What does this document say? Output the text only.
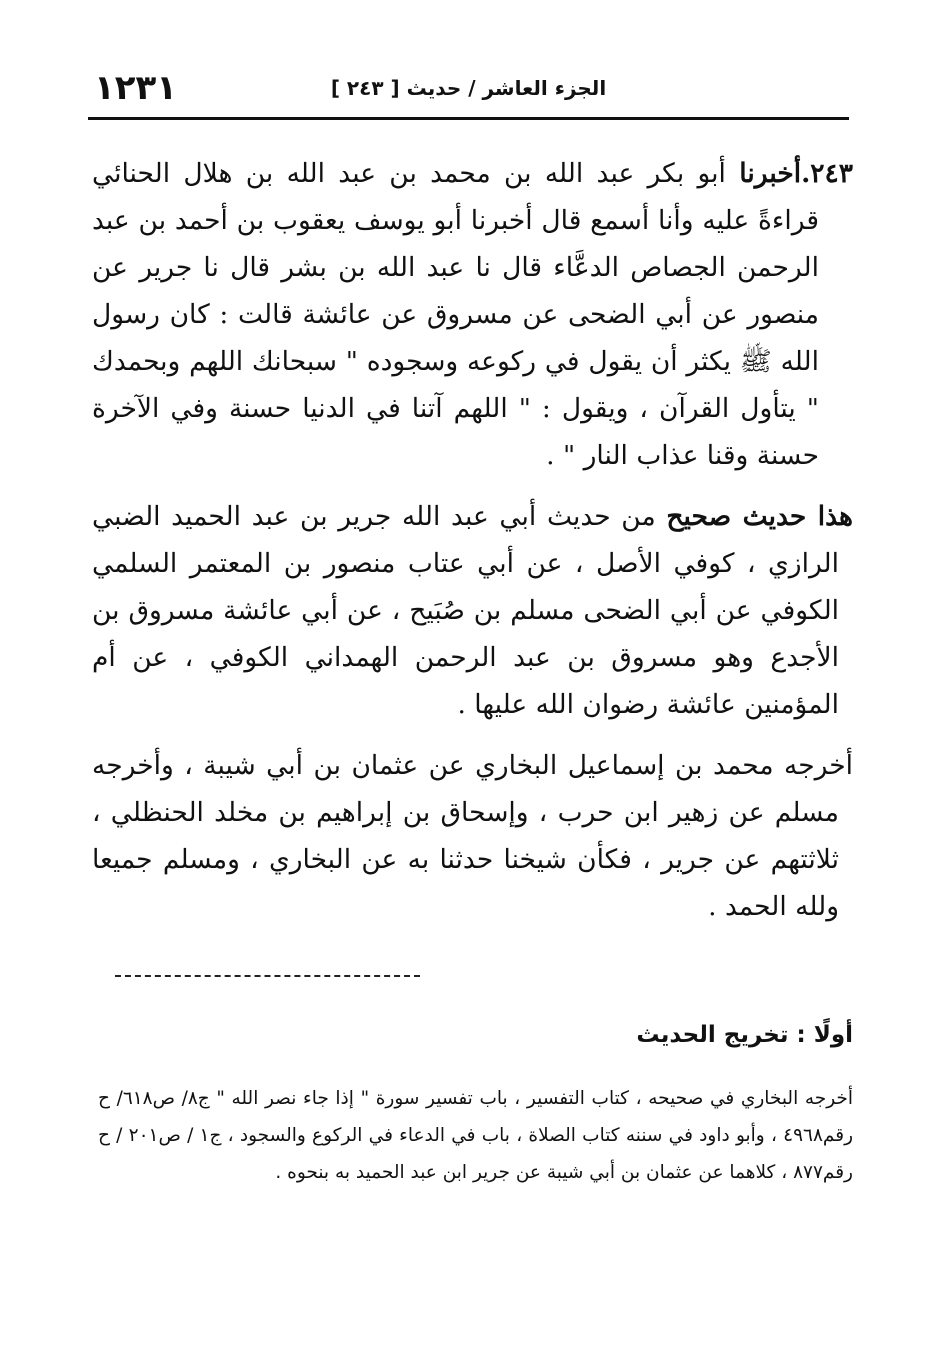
الجزء العاشر / حديث [ ٢٤٣ ]
١٢٣١

٢٤٣.أخبرنا أبو بكر عبد الله بن محمد بن عبد الله بن هلال الحنائي قراءةً عليه وأنا أسمع قال أخبرنا أبو يوسف يعقوب بن أحمد بن عبد الرحمن الجصاص الدعَّاء قال نا عبد الله بن بشر قال نا جرير عن منصور عن أبي الضحى عن مسروق عن عائشة قالت : كان رسول الله ﷺ يكثر أن يقول في ركوعه وسجوده " سبحانك اللهم وبحمدك " يتأول القرآن ، ويقول : " اللهم آتنا في الدنيا حسنة وفي الآخرة حسنة وقنا عذاب النار " .

هذا حديث صحيح من حديث أبي عبد الله جرير بن عبد الحميد الضبي الرازي ، كوفي الأصل ، عن أبي عتاب منصور بن المعتمر السلمي الكوفي عن أبي الضحى مسلم بن صُبَيح ، عن أبي عائشة مسروق بن الأجدع وهو مسروق بن عبد الرحمن الهمداني الكوفي ، عن أم المؤمنين عائشة رضوان الله عليها .

أخرجه محمد بن إسماعيل البخاري عن عثمان بن أبي شيبة ، وأخرجه مسلم عن زهير ابن حرب ، وإسحاق بن إبراهيم بن مخلد الحنظلي ، ثلاثتهم عن جرير ، فكأن شيخنا حدثنا به عن البخاري ، ومسلم جميعا ولله الحمد .

أولًا : تخريج الحديث

أخرجه البخاري في صحيحه ، كتاب التفسير ، باب تفسير سورة " إذا جاء نصر الله " ج٨/ ص٦١٨/ ح رقم٤٩٦٨ ، وأبو داود في سننه كتاب الصلاة ، باب في الدعاء في الركوع والسجود ، ج١ / ص٢٠١ / ح رقم٨٧٧ ، كلاهما عن عثمان بن أبي شيبة عن جرير ابن عبد الحميد به بنحوه .
